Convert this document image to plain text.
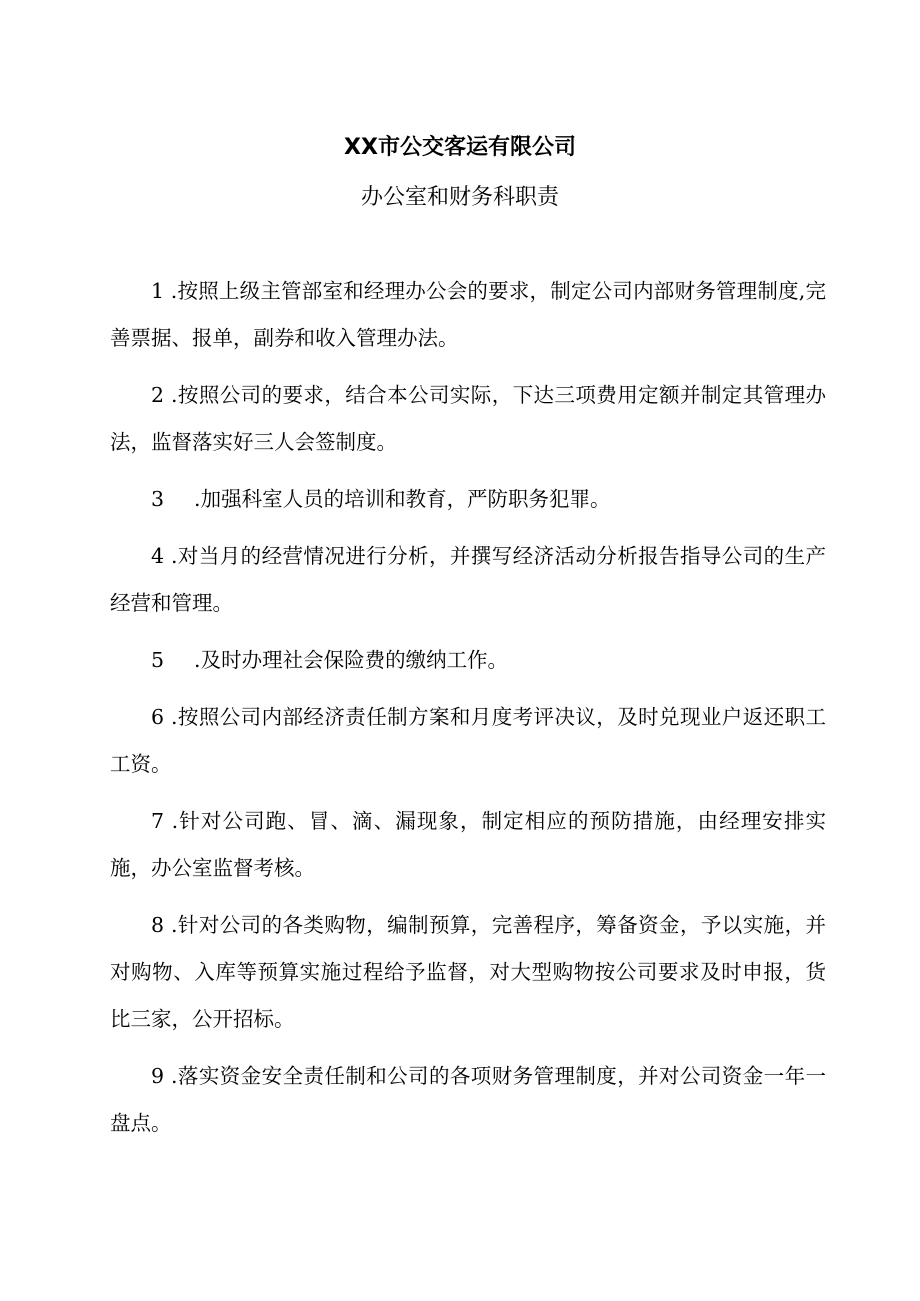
XX市公交客运有限公司
办公室和财务科职责

1 .按照上级主管部室和经理办公会的要求，制定公司内部财务管理制度,完善票据、报单，副券和收入管理办法。

2 .按照公司的要求，结合本公司实际，下达三项费用定额并制定其管理办法，监督落实好三人会签制度。

3 .加强科室人员的培训和教育，严防职务犯罪。

4 .对当月的经营情况进行分析，并撰写经济活动分析报告指导公司的生产经营和管理。

5 .及时办理社会保险费的缴纳工作。

6 .按照公司内部经济责任制方案和月度考评决议，及时兑现业户返还职工工资。

7 .针对公司跑、冒、滴、漏现象，制定相应的预防措施，由经理安排实施，办公室监督考核。

8 .针对公司的各类购物，编制预算，完善程序，筹备资金，予以实施，并对购物、入库等预算实施过程给予监督，对大型购物按公司要求及时申报，货比三家，公开招标。

9 .落实资金安全责任制和公司的各项财务管理制度，并对公司资金一年一盘点。
